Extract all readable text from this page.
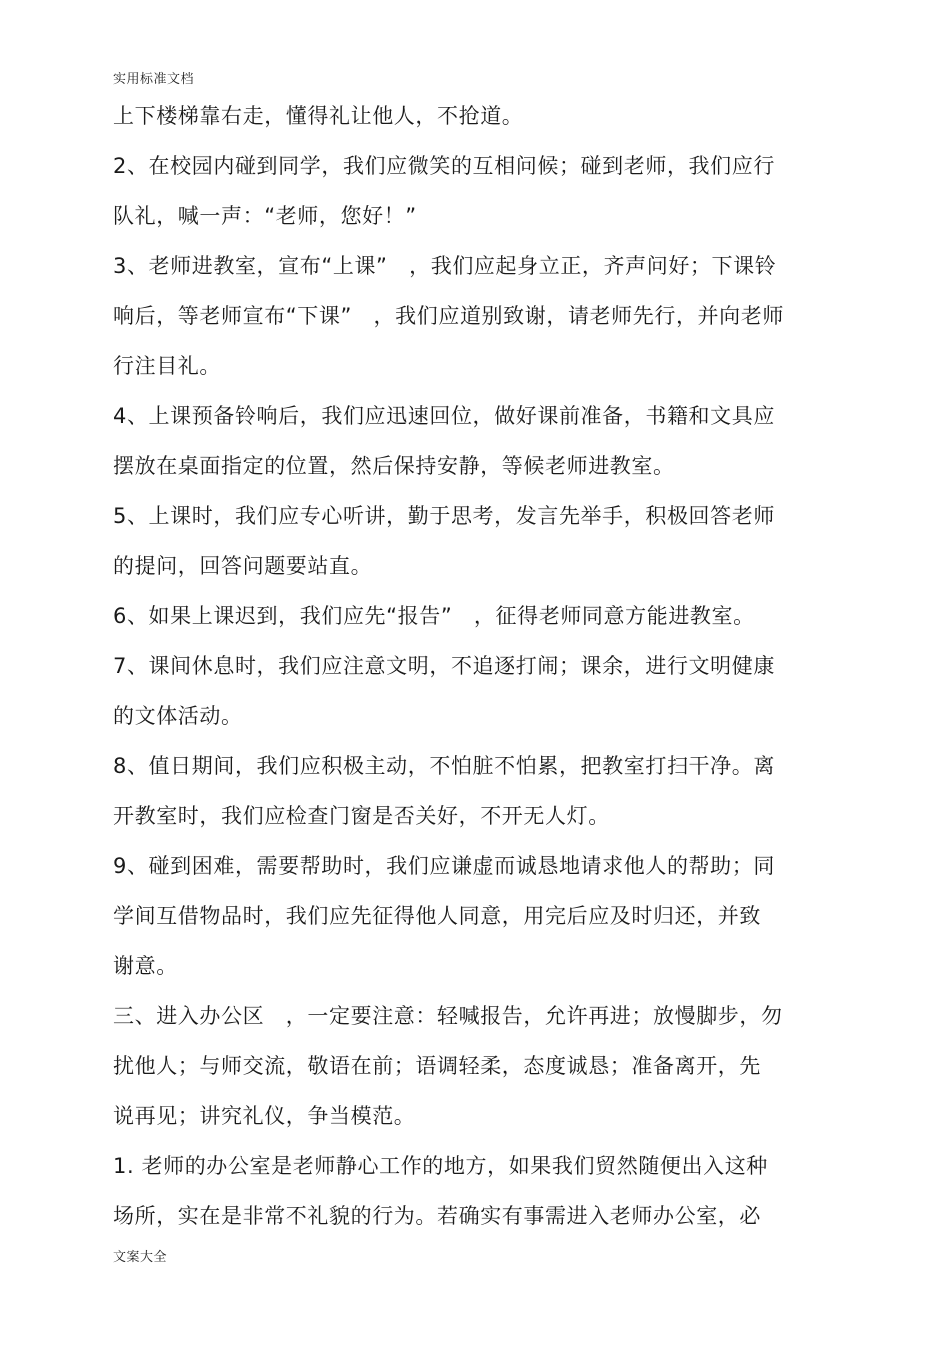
实用标准文档
上下楼梯靠右走，懂得礼让他人，不抢道。
2、在校园内碰到同学，我们应微笑的互相问候；碰到老师，我们应行
队礼，喊一声：“老师，您好！”
3、老师进教室，宣布“上课”　，我们应起身立正，齐声问好；下课铃
响后，等老师宣布“下课”　，我们应道别致谢，请老师先行，并向老师
行注目礼。
4、上课预备铃响后，我们应迅速回位，做好课前准备，书籍和文具应
摆放在桌面指定的位置，然后保持安静，等候老师进教室。
5、上课时，我们应专心听讲，勤于思考，发言先举手，积极回答老师
的提问，回答问题要站直。
6、如果上课迟到，我们应先“报告”　，征得老师同意方能进教室。
7、课间休息时，我们应注意文明，不追逐打闹；课余，进行文明健康
的文体活动。
8、值日期间，我们应积极主动，不怕脏不怕累，把教室打扫干净。离
开教室时，我们应检查门窗是否关好，不开无人灯。
9、碰到困难，需要帮助时，我们应谦虚而诚恳地请求他人的帮助；同
学间互借物品时，我们应先征得他人同意，用完后应及时归还，并致
谢意。
三、进入办公区　，一定要注意：轻喊报告，允许再进；放慢脚步，勿
扰他人；与师交流，敬语在前；语调轻柔，态度诚恳；准备离开，先
说再见；讲究礼仪，争当模范。
1. 老师的办公室是老师静心工作的地方，如果我们贸然随便出入这种
场所，实在是非常不礼貌的行为。若确实有事需进入老师办公室，必
文案大全
